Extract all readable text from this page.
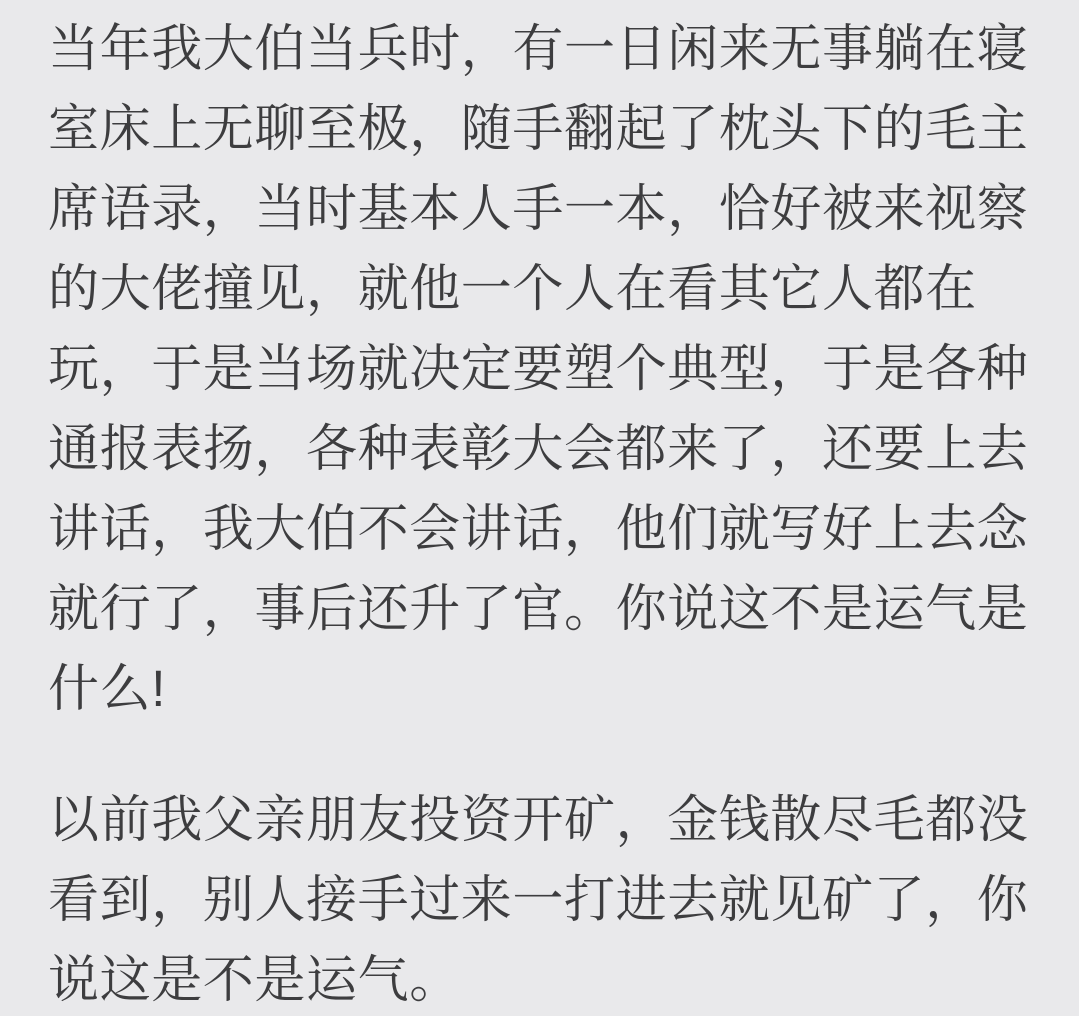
当年我大伯当兵时，有一日闲来无事躺在寝
室床上无聊至极，随手翻起了枕头下的毛主
席语录，当时基本人手一本，恰好被来视察
的大佬撞见，就他一个人在看其它人都在
玩，于是当场就决定要塑个典型，于是各种
通报表扬，各种表彰大会都来了，还要上去
讲话，我大伯不会讲话，他们就写好上去念
就行了，事后还升了官。你说这不是运气是
什么!
以前我父亲朋友投资开矿，金钱散尽毛都没
看到，别人接手过来一打进去就见矿了，你
说这是不是运气。
